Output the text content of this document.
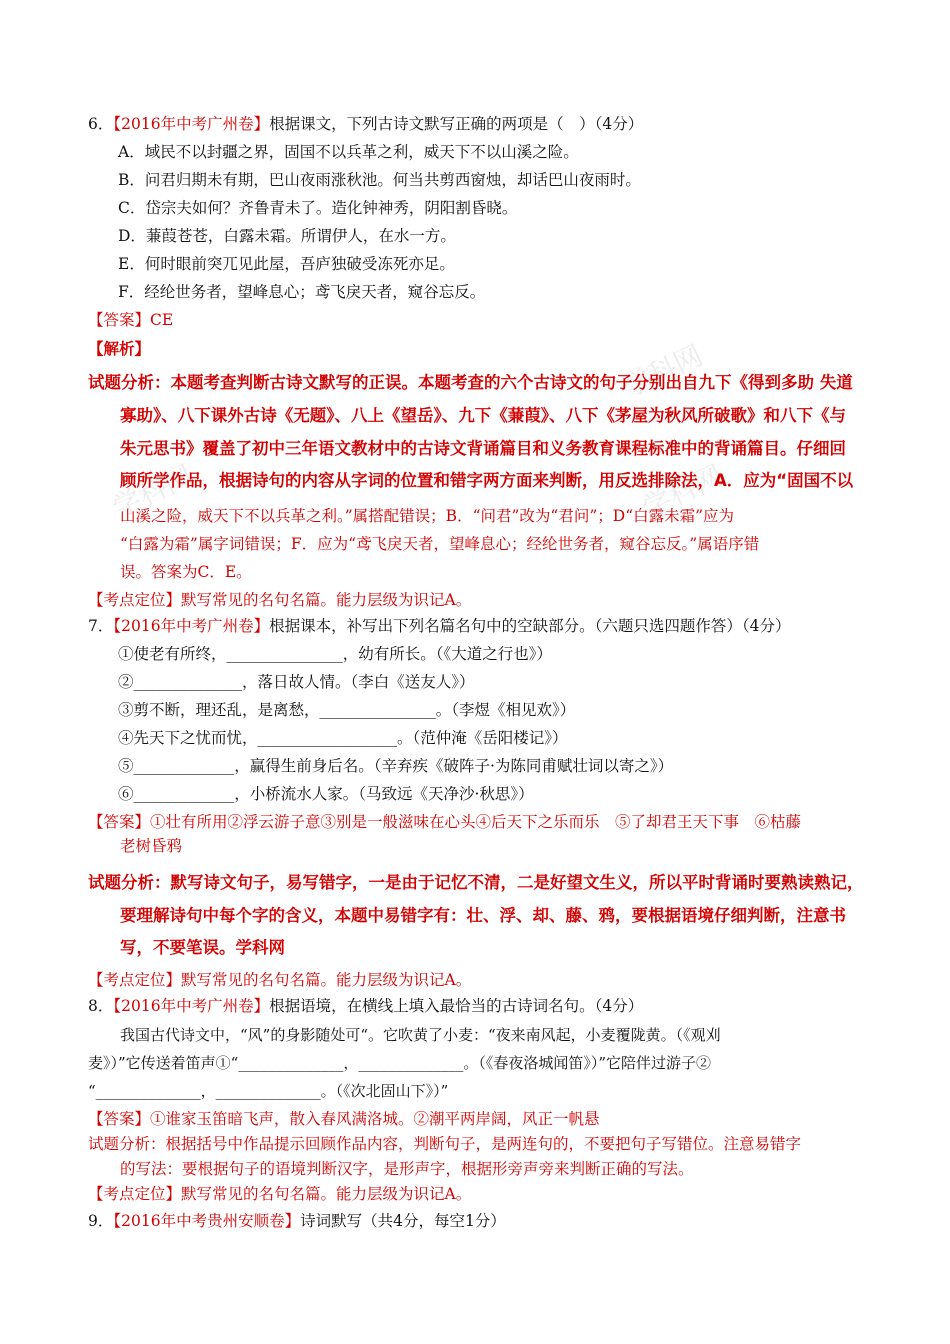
学科网
学科网	学科网
6．【2016年中考广州卷】根据课文，下列古诗文默写正确的两项是（　）（4分）
A．域民不以封疆之界，固国不以兵革之利，威天下不以山溪之险。
B．问君归期未有期，巴山夜雨涨秋池。何当共剪西窗烛，却话巴山夜雨时。
C．岱宗夫如何？齐鲁青未了。造化钟神秀，阴阳割昏晓。
D．蒹葭苍苍，白露未霜。所谓伊人，在水一方。
E．何时眼前突兀见此屋，吾庐独破受冻死亦足。
F．经纶世务者，望峰息心；鸢飞戾天者，窥谷忘反。
【答案】CE
【解析】
试题分析：本题考查判断古诗文默写的正误。本题考查的六个古诗文的句子分别出自九下《得到多助 失道
寡助》、八下课外古诗《无题》、八上《望岳》、九下《蒹葭》、八下《茅屋为秋风所破歌》和八下《与
朱元思书》覆盖了初中三年语文教材中的古诗文背诵篇目和义务教育课程标准中的背诵篇目。仔细回
顾所学作品，根据诗句的内容从字词的位置和错字两方面来判断，用反选排除法，A．应为“固国不以
山溪之险，威天下不以兵革之利。”属搭配错误；B．“问君”改为“君问”；D“白露未霜”应为
“白露为霜”属字词错误；F．应为“鸢飞戾天者，望峰息心；经纶世务者，窥谷忘反。”属语序错
误。答案为C．E。
【考点定位】默写常见的名句名篇。能力层级为识记A。
7．【2016年中考广州卷】根据课本，补写出下列名篇名句中的空缺部分。（六题只选四题作答）（4分）
①使老有所终，_______________，幼有所长。（《大道之行也》）
②______________，落日故人情。（李白《送友人》）
③剪不断，理还乱，是离愁，_______________。（李煜《相见欢》）
④先天下之忧而忧，__________________。（范仲淹《岳阳楼记》）
⑤_____________，赢得生前身后名。（辛弃疾《破阵子·为陈同甫赋壮词以寄之》）
⑥_____________，小桥流水人家。（马致远《天净沙·秋思》）
【答案】①壮有所用②浮云游子意③别是一般滋味在心头④后天下之乐而乐　⑤了却君王天下事　⑥枯藤
老树昏鸦
试题分析：默写诗文句子，易写错字，一是由于记忆不清，二是好望文生义，所以平时背诵时要熟读熟记，
要理解诗句中每个字的含义，本题中易错字有：壮、浮、却、藤、鸦，要根据语境仔细判断，注意书
写，不要笔误。学科网
【考点定位】默写常见的名句名篇。能力层级为识记A。
8．【2016年中考广州卷】根据语境，在横线上填入最恰当的古诗词名句。（4分）
我国古代诗文中，“风”的身影随处可“。它吹黄了小麦：“夜来南风起，小麦覆陇黄。（《观刈
麦》）”它传送着笛声①“______________，______________。（《春夜洛城闻笛》）”它陪伴过游子②
“______________，______________。（《次北固山下》）”
【答案】①谁家玉笛暗飞声，散入春风满洛城。②潮平两岸阔，风正一帆悬
试题分析：根据括号中作品提示回顾作品内容，判断句子，是两连句的，不要把句子写错位。注意易错字
的写法：要根据句子的语境判断汉字，是形声字，根据形旁声旁来判断正确的写法。
【考点定位】默写常见的名句名篇。能力层级为识记A。
9．【2016年中考贵州安顺卷】诗词默写（共4分，每空1分）
